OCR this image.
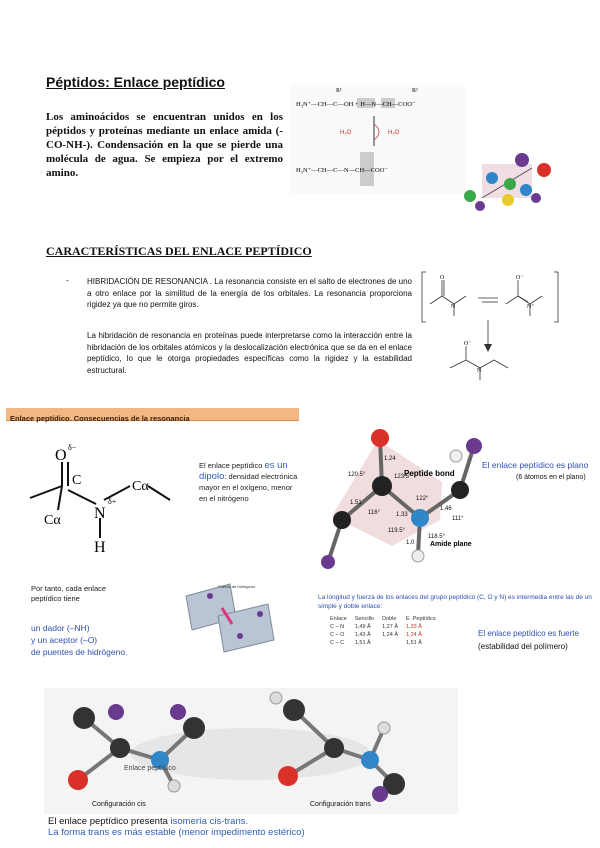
Péptidos: Enlace peptídico
Los aminoácidos se encuentran unidos en los péptidos y proteínas mediante un enlace amida (-CO-NH-). Condensación en la que se pierde una molécula de agua. Se empieza por el extremo amino.
R¹	R²
H₃N⁺—CH—C—OH + H—N—CH—COO⁻
H₂O	H₂O
H₃N⁺—CH—C—N—CH—COO⁻
CARACTERÍSTICAS DEL ENLACE PEPTÍDICO
- HIBRIDACIÓN DE RESONANCIA . La resonancia consiste en el salto de electrones de uno a otro enlace por la similitud de la energía de los orbitales. La resonancia proporciona rigidez ya que no permite giros.
La hibridación de resonancia en proteínas puede interpretarse como la interacción entre la hibridación de los orbitales atómicos y la deslocalización electrónica que se da en el enlace peptídico, lo que le otorga propiedades específicas como la rigidez y la estabilidad estructural.
O	O⁻
N	N⁺
O⁻
N
Enlace peptídico. Consecuencias de la resonancia
O δ−
C
N
δ+
Cα
Cα
H
El enlace peptídico es un dipolo: densidad electrónica mayor en el oxígeno, menor en el nitrógeno
Por tanto, cada enlace peptídico tiene
un dador (–NH)
y un aceptor (–O)
de puentes de hidrógeno.
Puente de hidrógeno
1.24
1.51
1.33
1.46
1.0
120.5°	123.5°
122°
116°
119.5°
111°
118.5°
Peptide bond
Amide plane
El enlace peptídico es plano
(6 átomos en el plano)
La longitud y fuerza de los enlaces del grupo peptídico (C, O y N) es intermedia entre las de un simple y doble enlace:
Enlace	Sencillo	Doble	E. Peptídico
C – N	1,49 Å	1,27 Å	1,33 Å
C – O	1,43 Å	1,24 Å	1,24 Å
C – C	1,51 Å		1,51 Å
El enlace peptídico es fuerte
(estabilidad del polímero)
Enlace peptídico
Configuración cis	Configuración trans
El enlace peptídico presenta isomería cis-trans.
La forma trans es más estable (menor impedimento estérico)
